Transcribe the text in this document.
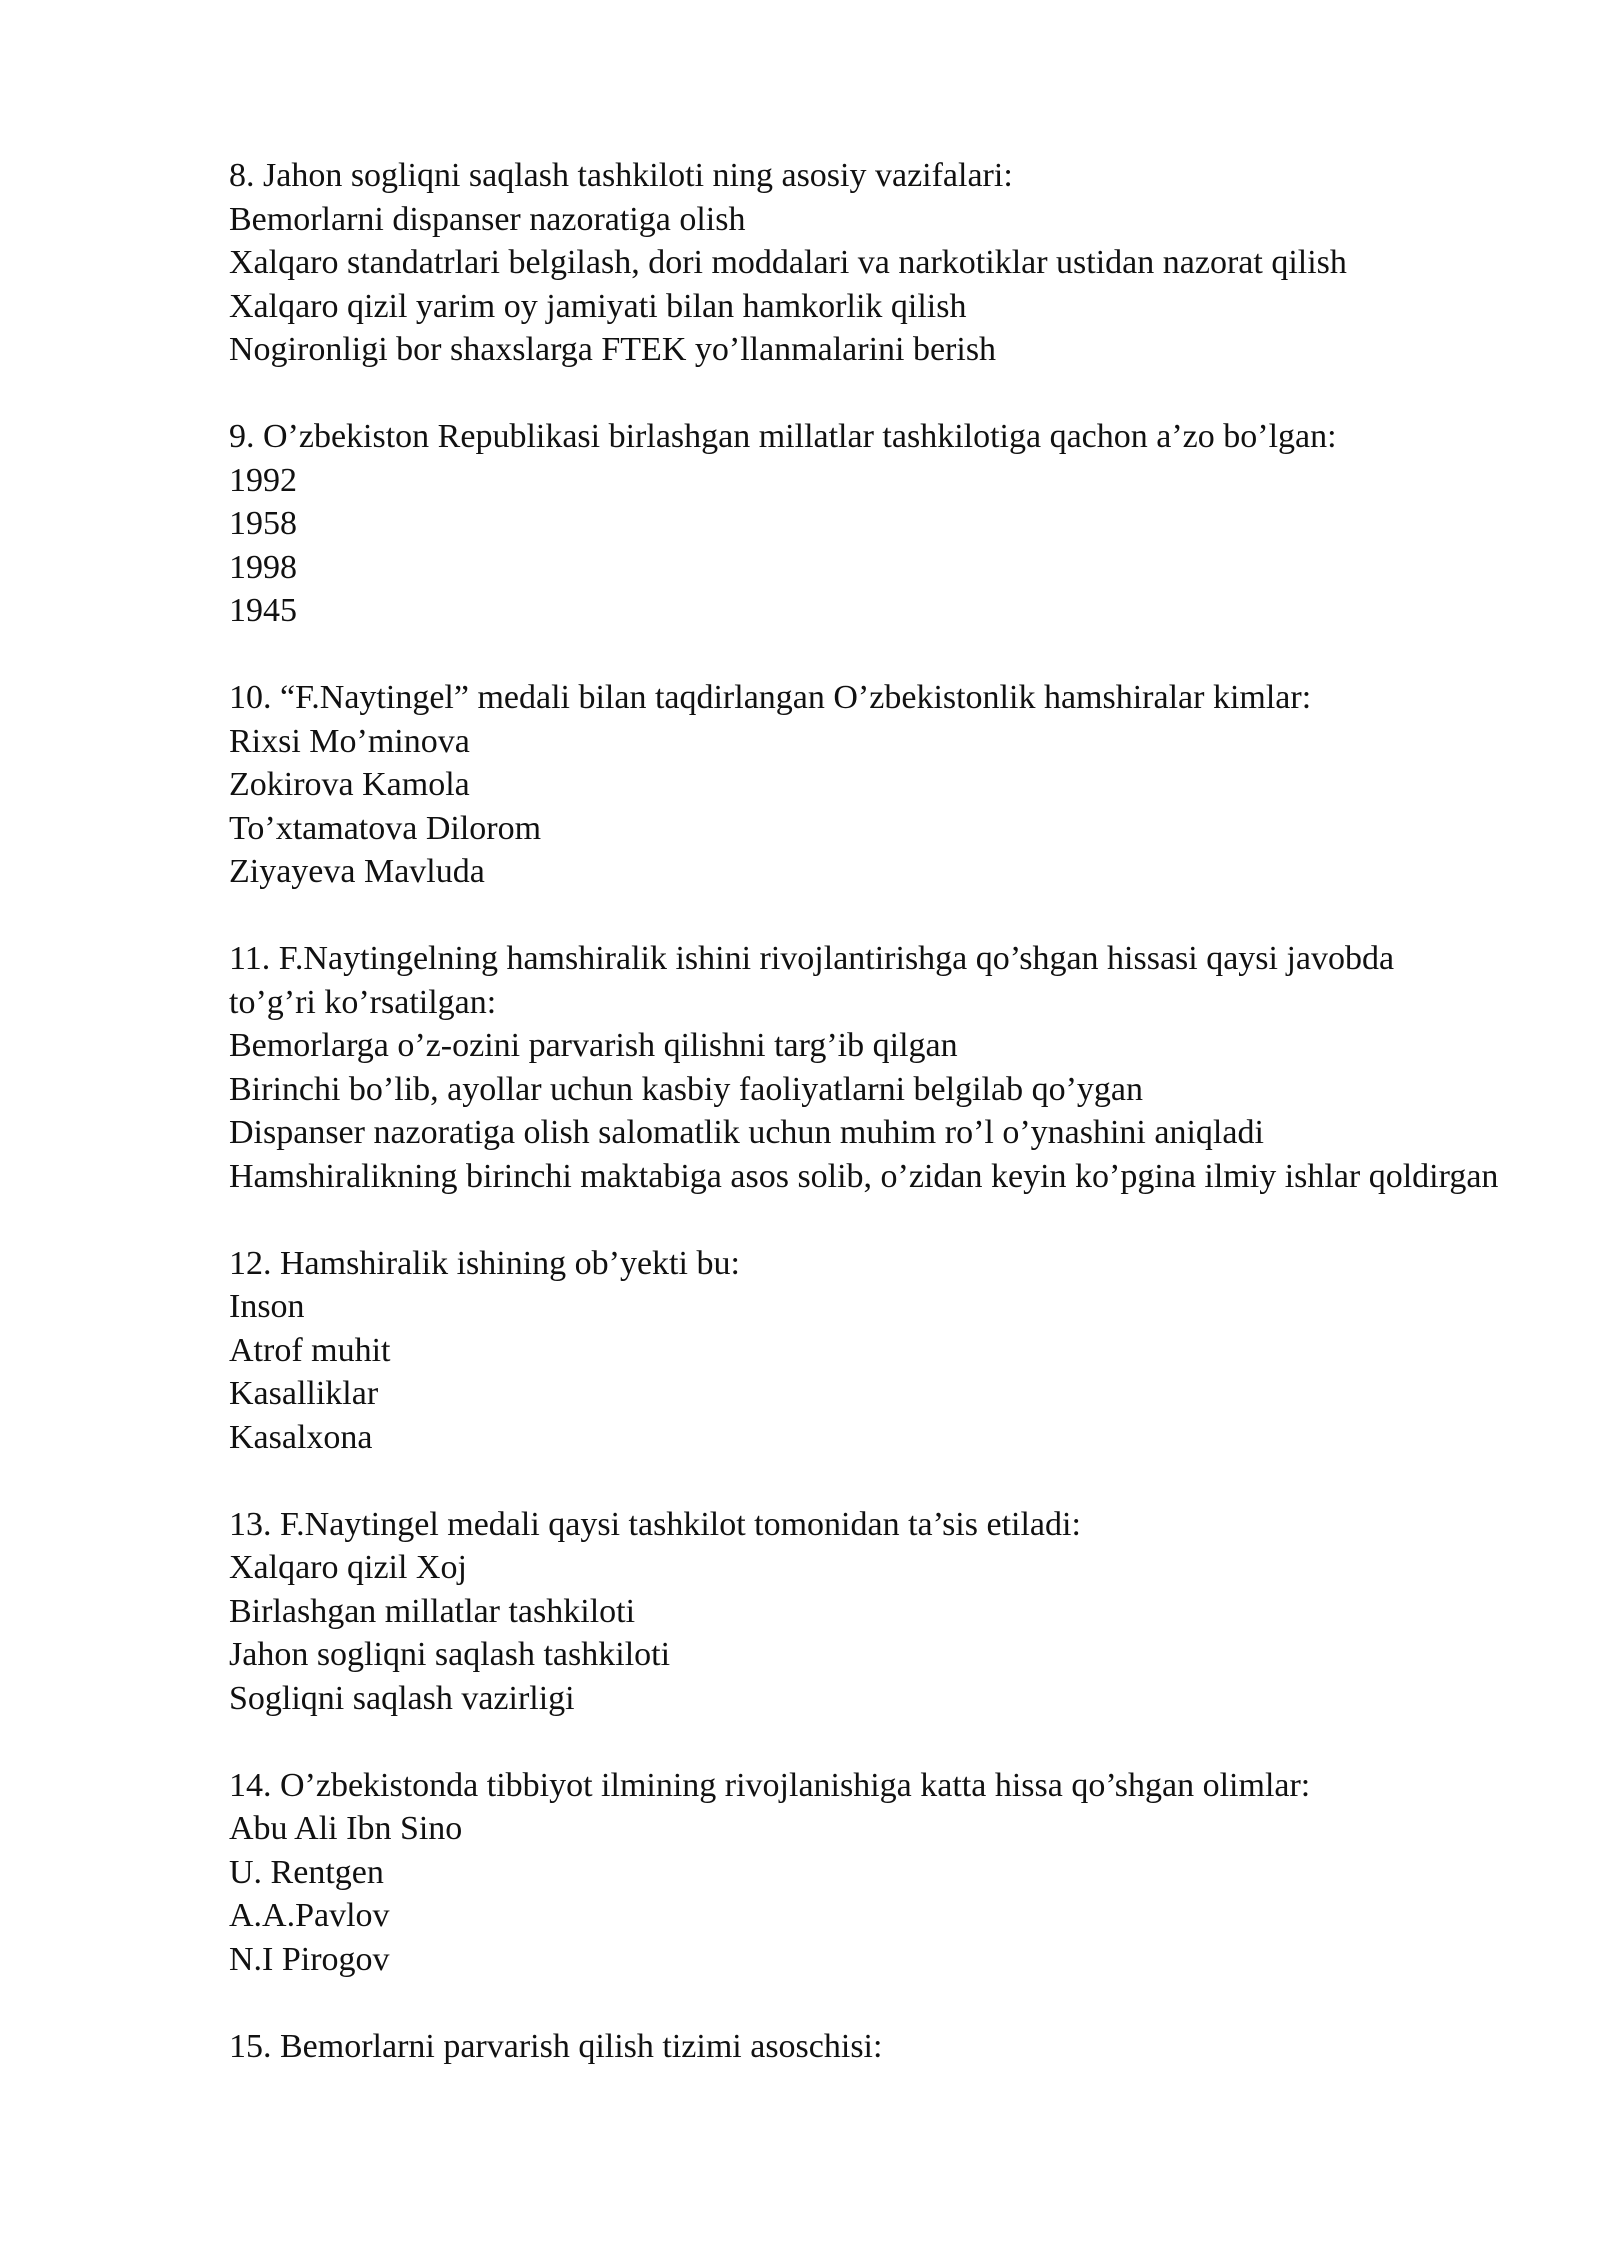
8. Jahon sogliqni saqlash tashkiloti ning asosiy vazifalari:
Bemorlarni dispanser nazoratiga olish
Xalqaro standatrlari belgilash, dori moddalari va narkotiklar ustidan nazorat qilish
Xalqaro qizil yarim oy jamiyati bilan hamkorlik qilish
Nogironligi bor shaxslarga FTEK yo’llanmalarini berish
9. O’zbekiston Republikasi birlashgan millatlar tashkilotiga qachon a’zo bo’lgan:
1992
1958
1998
1945
10. “F.Naytingel” medali bilan taqdirlangan O’zbekistonlik hamshiralar kimlar:
Rixsi Mo’minova
Zokirova Kamola
To’xtamatova Dilorom
Ziyayeva Mavluda
11. F.Naytingelning hamshiralik ishini rivojlantirishga qo’shgan hissasi qaysi javobda to’g’ri ko’rsatilgan:
Bemorlarga o’z-ozini parvarish qilishni targ’ib qilgan
Birinchi bo’lib, ayollar uchun kasbiy faoliyatlarni belgilab qo’ygan
Dispanser nazoratiga olish salomatlik uchun muhim ro’l o’ynashini aniqladi
Hamshiralikning birinchi maktabiga asos solib, o’zidan keyin ko’pgina ilmiy ishlar qoldirgan
12. Hamshiralik ishining ob’yekti bu:
Inson
Atrof muhit
Kasalliklar
Kasalxona
13. F.Naytingel medali qaysi tashkilot tomonidan ta’sis etiladi:
Xalqaro qizil Xoj
Birlashgan millatlar tashkiloti
Jahon sogliqni saqlash tashkiloti
Sogliqni saqlash vazirligi
14. O’zbekistonda tibbiyot ilmining rivojlanishiga katta hissa qo’shgan olimlar:
Abu Ali Ibn Sino
U. Rentgen
A.A.Pavlov
N.I Pirogov
15. Bemorlarni parvarish qilish tizimi asoschisi:
